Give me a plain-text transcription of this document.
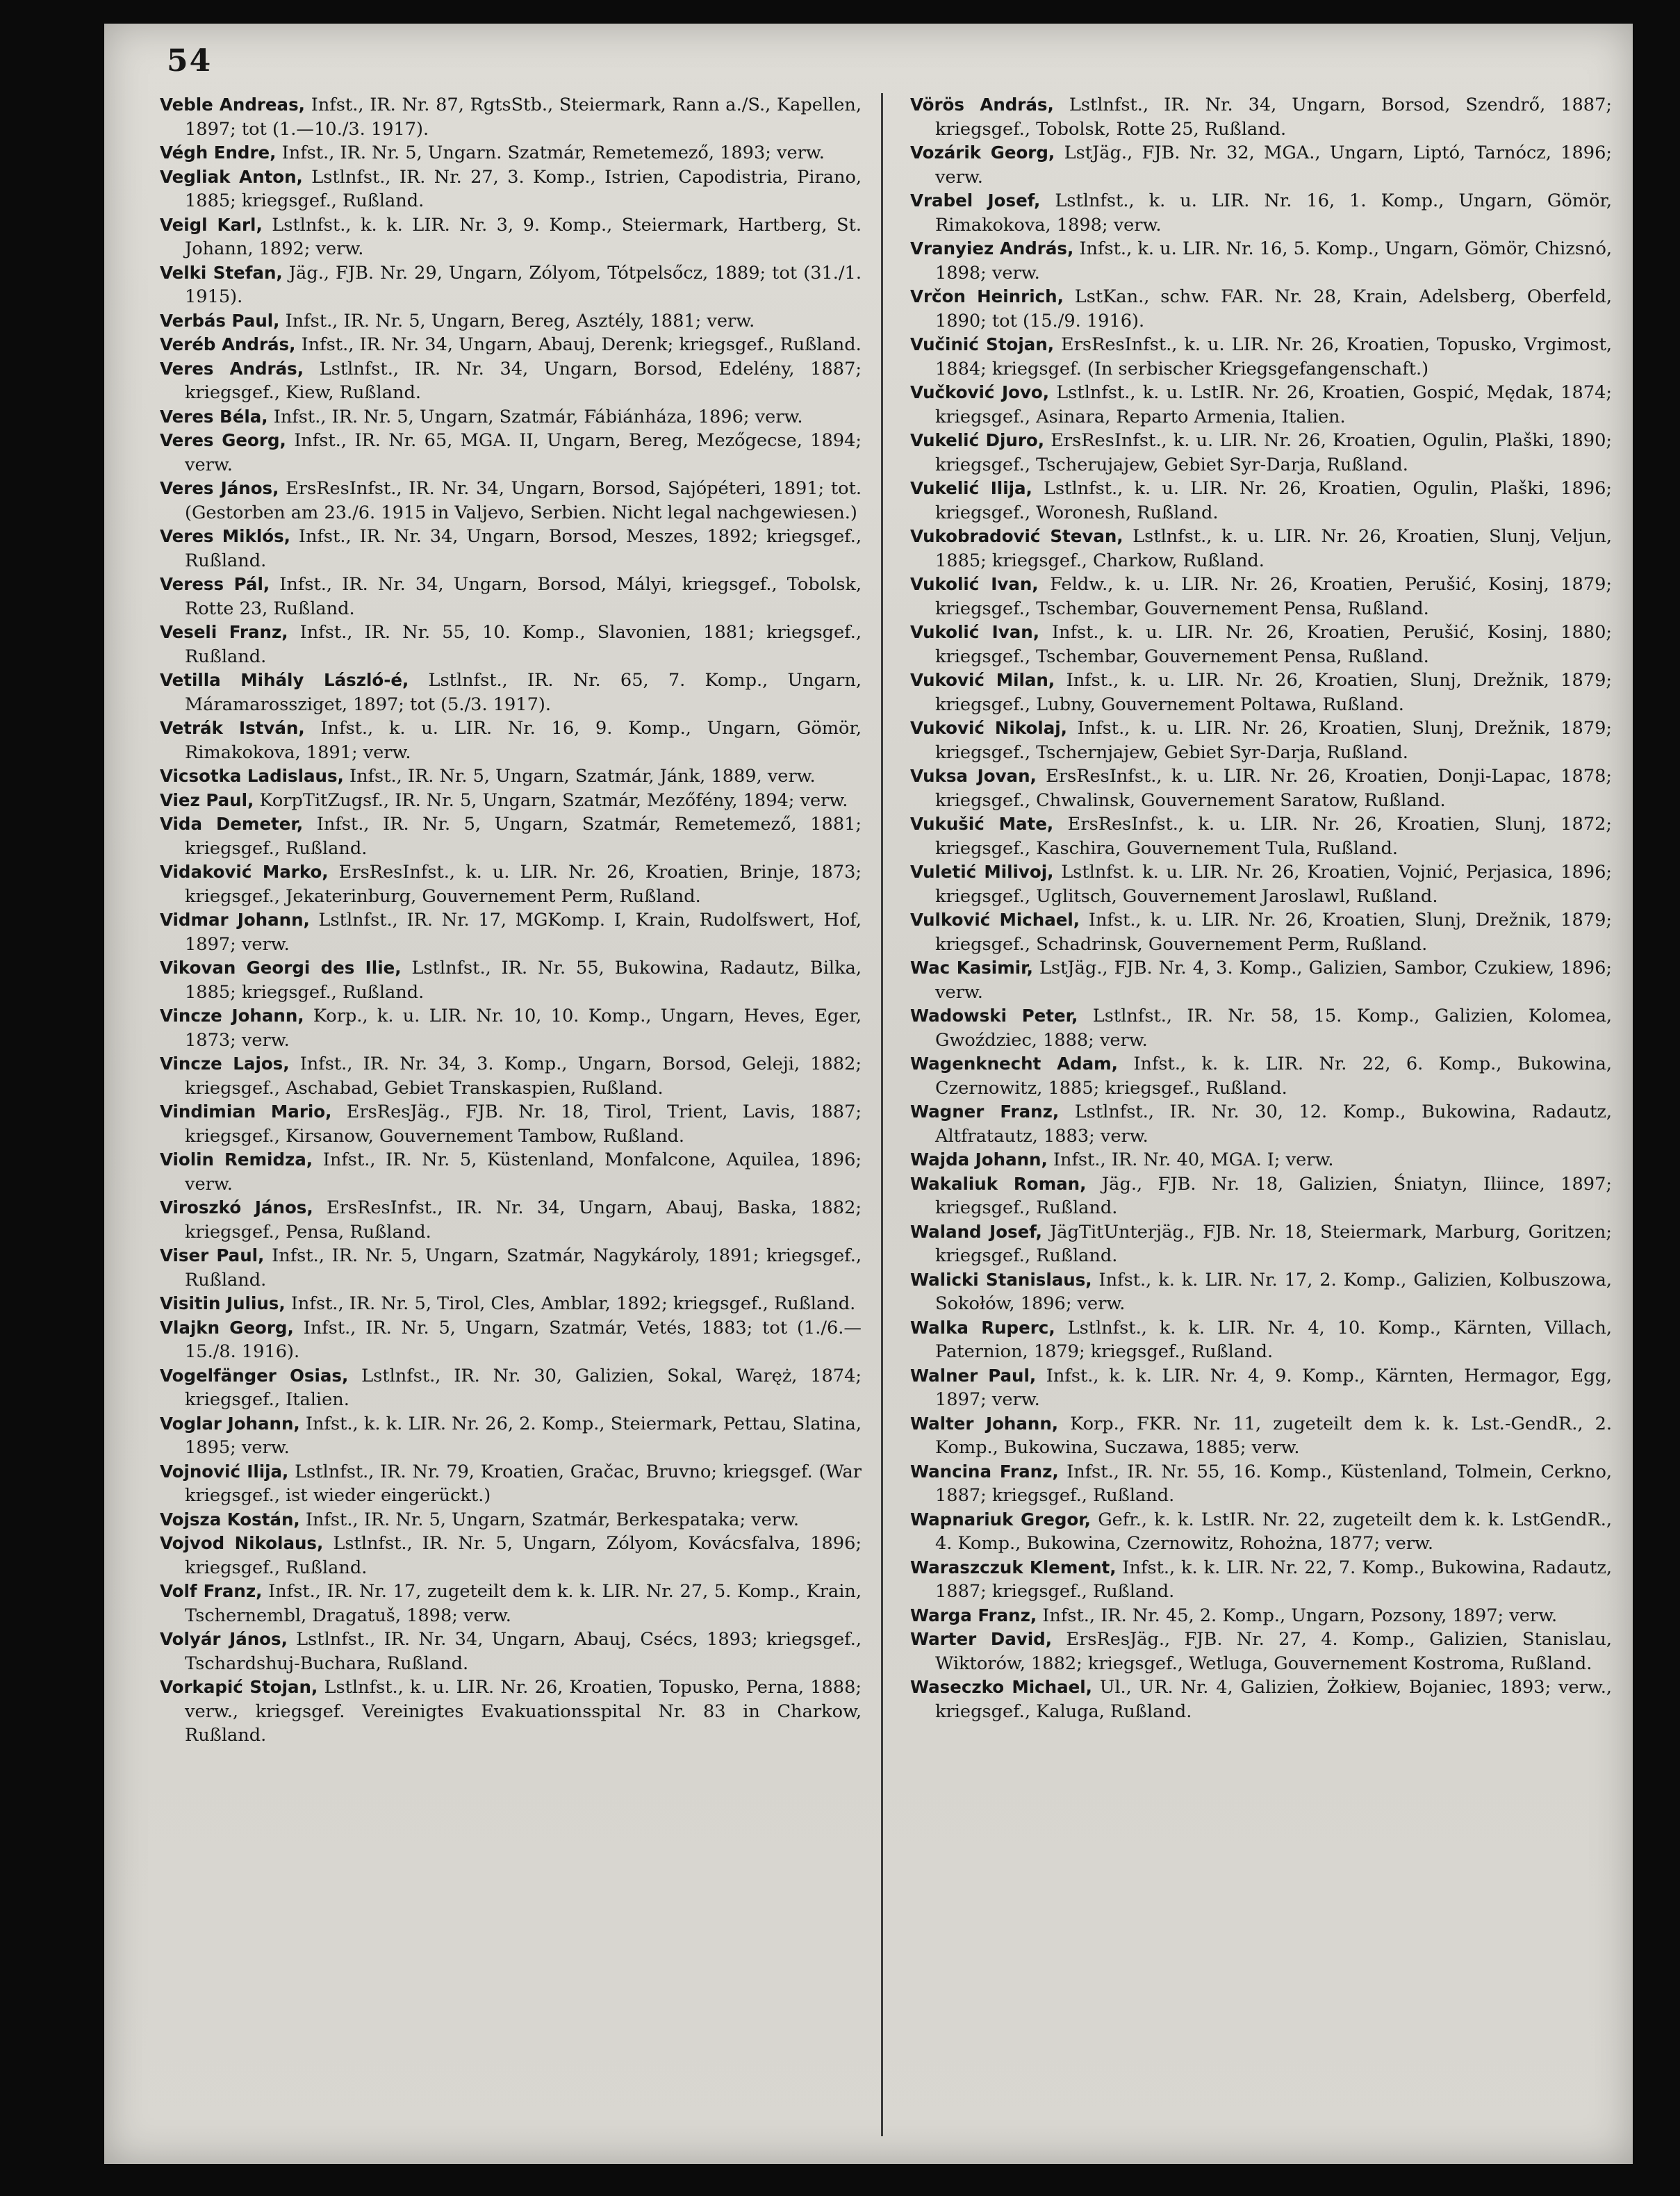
54

Veble Andreas, Infst., IR. Nr. 87, RgtsStb., Steiermark, Rann a./S., Kapellen, 1897; tot (1.—10./3. 1917).

Végh Endre, Infst., IR. Nr. 5, Ungarn. Szatmár, Remetemező, 1893; verw.

Vegliak Anton, Lstlnfst., IR. Nr. 27, 3. Komp., Istrien, Capodistria, Pirano, 1885; kriegsgef., Rußland.

Veigl Karl, Lstlnfst., k. k. LIR. Nr. 3, 9. Komp., Steiermark, Hartberg, St. Johann, 1892; verw.

Velki Stefan, Jäg., FJB. Nr. 29, Ungarn, Zólyom, Tótpelsőcz, 1889; tot (31./1. 1915).

Verbás Paul, Infst., IR. Nr. 5, Ungarn, Bereg, Asztély, 1881; verw.

Veréb András, Infst., IR. Nr. 34, Ungarn, Abauj, Derenk; kriegsgef., Rußland.

Veres András, Lstlnfst., IR. Nr. 34, Ungarn, Borsod, Edelény, 1887; kriegsgef., Kiew, Rußland.

Veres Béla, Infst., IR. Nr. 5, Ungarn, Szatmár, Fábiánháza, 1896; verw.

Veres Georg, Infst., IR. Nr. 65, MGA. II, Ungarn, Bereg, Mezőgecse, 1894; verw.

Veres János, ErsResInfst., IR. Nr. 34, Ungarn, Borsod, Sajópéteri, 1891; tot. (Gestorben am 23./6. 1915 in Valjevo, Serbien. Nicht legal nachgewiesen.)

Veres Miklós, Infst., IR. Nr. 34, Ungarn, Borsod, Meszes, 1892; kriegsgef., Rußland.

Veress Pál, Infst., IR. Nr. 34, Ungarn, Borsod, Mályi, kriegsgef., Tobolsk, Rotte 23, Rußland.

Veseli Franz, Infst., IR. Nr. 55, 10. Komp., Slavonien, 1881; kriegsgef., Rußland.

Vetilla Mihály László-é, Lstlnfst., IR. Nr. 65, 7. Komp., Ungarn, Máramarossziget, 1897; tot (5./3. 1917).

Vetrák István, Infst., k. u. LIR. Nr. 16, 9. Komp., Ungarn, Gömör, Rimakokova, 1891; verw.

Vicsotka Ladislaus, Infst., IR. Nr. 5, Ungarn, Szatmár, Jánk, 1889, verw.

Viez Paul, KorpTitZugsf., IR. Nr. 5, Ungarn, Szatmár, Mezőfény, 1894; verw.

Vida Demeter, Infst., IR. Nr. 5, Ungarn, Szatmár, Remetemező, 1881; kriegsgef., Rußland.

Vidaković Marko, ErsResInfst., k. u. LIR. Nr. 26, Kroatien, Brinje, 1873; kriegsgef., Jekaterinburg, Gouvernement Perm, Rußland.

Vidmar Johann, Lstlnfst., IR. Nr. 17, MGKomp. I, Krain, Rudolfswert, Hof, 1897; verw.

Vikovan Georgi des Ilie, Lstlnfst., IR. Nr. 55, Bukowina, Radautz, Bilka, 1885; kriegsgef., Rußland.

Vincze Johann, Korp., k. u. LIR. Nr. 10, 10. Komp., Ungarn, Heves, Eger, 1873; verw.

Vincze Lajos, Infst., IR. Nr. 34, 3. Komp., Ungarn, Borsod, Geleji, 1882; kriegsgef., Aschabad, Gebiet Transkaspien, Rußland.

Vindimian Mario, ErsResJäg., FJB. Nr. 18, Tirol, Trient, Lavis, 1887; kriegsgef., Kirsanow, Gouvernement Tambow, Rußland.

Violin Remidza, Infst., IR. Nr. 5, Küstenland, Monfalcone, Aquilea, 1896; verw.

Viroszkó János, ErsResInfst., IR. Nr. 34, Ungarn, Abauj, Baska, 1882; kriegsgef., Pensa, Rußland.

Viser Paul, Infst., IR. Nr. 5, Ungarn, Szatmár, Nagykároly, 1891; kriegsgef., Rußland.

Visitin Julius, Infst., IR. Nr. 5, Tirol, Cles, Amblar, 1892; kriegsgef., Rußland.

Vlajkn Georg, Infst., IR. Nr. 5, Ungarn, Szatmár, Vetés, 1883; tot (1./6.—15./8. 1916).

Vogelfänger Osias, Lstlnfst., IR. Nr. 30, Galizien, Sokal, Waręż, 1874; kriegsgef., Italien.

Voglar Johann, Infst., k. k. LIR. Nr. 26, 2. Komp., Steiermark, Pettau, Slatina, 1895; verw.

Vojnović Ilija, Lstlnfst., IR. Nr. 79, Kroatien, Gračac, Bruvno; kriegsgef. (War kriegsgef., ist wieder eingerückt.)

Vojsza Kostán, Infst., IR. Nr. 5, Ungarn, Szatmár, Berkespataka; verw.

Vojvod Nikolaus, Lstlnfst., IR. Nr. 5, Ungarn, Zólyom, Kovácsfalva, 1896; kriegsgef., Rußland.

Volf Franz, Infst., IR. Nr. 17, zugeteilt dem k. k. LIR. Nr. 27, 5. Komp., Krain, Tschernembl, Dragatuš, 1898; verw.

Volyár János, Lstlnfst., IR. Nr. 34, Ungarn, Abauj, Csécs, 1893; kriegsgef., Tschardshuj-Buchara, Rußland.

Vorkapić Stojan, Lstlnfst., k. u. LIR. Nr. 26, Kroatien, Topusko, Perna, 1888; verw., kriegsgef. Vereinigtes Evakuationsspital Nr. 83 in Charkow, Rußland.

Vörös András, Lstlnfst., IR. Nr. 34, Ungarn, Borsod, Szendrő, 1887; kriegsgef., Tobolsk, Rotte 25, Rußland.

Vozárik Georg, LstJäg., FJB. Nr. 32, MGA., Ungarn, Liptó, Tarnócz, 1896; verw.

Vrabel Josef, Lstlnfst., k. u. LIR. Nr. 16, 1. Komp., Ungarn, Gömör, Rimakokova, 1898; verw.

Vranyiez András, Infst., k. u. LIR. Nr. 16, 5. Komp., Ungarn, Gömör, Chizsnó, 1898; verw.

Vrčon Heinrich, LstKan., schw. FAR. Nr. 28, Krain, Adelsberg, Oberfeld, 1890; tot (15./9. 1916).

Vučinić Stojan, ErsResInfst., k. u. LIR. Nr. 26, Kroatien, Topusko, Vrgimost, 1884; kriegsgef. (In serbischer Kriegsgefangenschaft.)

Vučković Jovo, Lstlnfst., k. u. LstIR. Nr. 26, Kroatien, Gospić, Mędak, 1874; kriegsgef., Asinara, Reparto Armenia, Italien.

Vukelić Djuro, ErsResInfst., k. u. LIR. Nr. 26, Kroatien, Ogulin, Plaški, 1890; kriegsgef., Tscherujajew, Gebiet Syr-Darja, Rußland.

Vukelić Ilija, Lstlnfst., k. u. LIR. Nr. 26, Kroatien, Ogulin, Plaški, 1896; kriegsgef., Woronesh, Rußland.

Vukobradović Stevan, Lstlnfst., k. u. LIR. Nr. 26, Kroatien, Slunj, Veljun, 1885; kriegsgef., Charkow, Rußland.

Vukolić Ivan, Feldw., k. u. LIR. Nr. 26, Kroatien, Perušić, Kosinj, 1879; kriegsgef., Tschembar, Gouvernement Pensa, Rußland.

Vukolić Ivan, Infst., k. u. LIR. Nr. 26, Kroatien, Perušić, Kosinj, 1880; kriegsgef., Tschembar, Gouvernement Pensa, Rußland.

Vuković Milan, Infst., k. u. LIR. Nr. 26, Kroatien, Slunj, Drežnik, 1879; kriegsgef., Lubny, Gouvernement Poltawa, Rußland.

Vuković Nikolaj, Infst., k. u. LIR. Nr. 26, Kroatien, Slunj, Drežnik, 1879; kriegsgef., Tschernjajew, Gebiet Syr-Darja, Rußland.

Vuksa Jovan, ErsResInfst., k. u. LIR. Nr. 26, Kroatien, Donji-Lapac, 1878; kriegsgef., Chwalinsk, Gouvernement Saratow, Rußland.

Vukušić Mate, ErsResInfst., k. u. LIR. Nr. 26, Kroatien, Slunj, 1872; kriegsgef., Kaschira, Gouvernement Tula, Rußland.

Vuletić Milivoj, Lstlnfst. k. u. LIR. Nr. 26, Kroatien, Vojnić, Perjasica, 1896; kriegsgef., Uglitsch, Gouvernement Jaroslawl, Rußland.

Vulković Michael, Infst., k. u. LIR. Nr. 26, Kroatien, Slunj, Drežnik, 1879; kriegsgef., Schadrinsk, Gouvernement Perm, Rußland.

Wac Kasimir, LstJäg., FJB. Nr. 4, 3. Komp., Galizien, Sambor, Czukiew, 1896; verw.

Wadowski Peter, Lstlnfst., IR. Nr. 58, 15. Komp., Galizien, Kolomea, Gwoździec, 1888; verw.

Wagenknecht Adam, Infst., k. k. LIR. Nr. 22, 6. Komp., Bukowina, Czernowitz, 1885; kriegsgef., Rußland.

Wagner Franz, Lstlnfst., IR. Nr. 30, 12. Komp., Bukowina, Radautz, Altfratautz, 1883; verw.

Wajda Johann, Infst., IR. Nr. 40, MGA. I; verw.

Wakaliuk Roman, Jäg., FJB. Nr. 18, Galizien, Śniatyn, Iliince, 1897; kriegsgef., Rußland.

Waland Josef, JägTitUnterjäg., FJB. Nr. 18, Steiermark, Marburg, Goritzen; kriegsgef., Rußland.

Walicki Stanislaus, Infst., k. k. LIR. Nr. 17, 2. Komp., Galizien, Kolbuszowa, Sokołów, 1896; verw.

Walka Ruperc, Lstlnfst., k. k. LIR. Nr. 4, 10. Komp., Kärnten, Villach, Paternion, 1879; kriegsgef., Rußland.

Walner Paul, Infst., k. k. LIR. Nr. 4, 9. Komp., Kärnten, Hermagor, Egg, 1897; verw.

Walter Johann, Korp., FKR. Nr. 11, zugeteilt dem k. k. Lst.-GendR., 2. Komp., Bukowina, Suczawa, 1885; verw.

Wancina Franz, Infst., IR. Nr. 55, 16. Komp., Küstenland, Tolmein, Cerkno, 1887; kriegsgef., Rußland.

Wapnariuk Gregor, Gefr., k. k. LstIR. Nr. 22, zugeteilt dem k. k. LstGendR., 4. Komp., Bukowina, Czernowitz, Rohożna, 1877; verw.

Waraszczuk Klement, Infst., k. k. LIR. Nr. 22, 7. Komp., Bukowina, Radautz, 1887; kriegsgef., Rußland.

Warga Franz, Infst., IR. Nr. 45, 2. Komp., Ungarn, Pozsony, 1897; verw.

Warter David, ErsResJäg., FJB. Nr. 27, 4. Komp., Galizien, Stanislau, Wiktorów, 1882; kriegsgef., Wetluga, Gouvernement Kostroma, Rußland.

Waseczko Michael, Ul., UR. Nr. 4, Galizien, Żołkiew, Bojaniec, 1893; verw., kriegsgef., Kaluga, Rußland.
